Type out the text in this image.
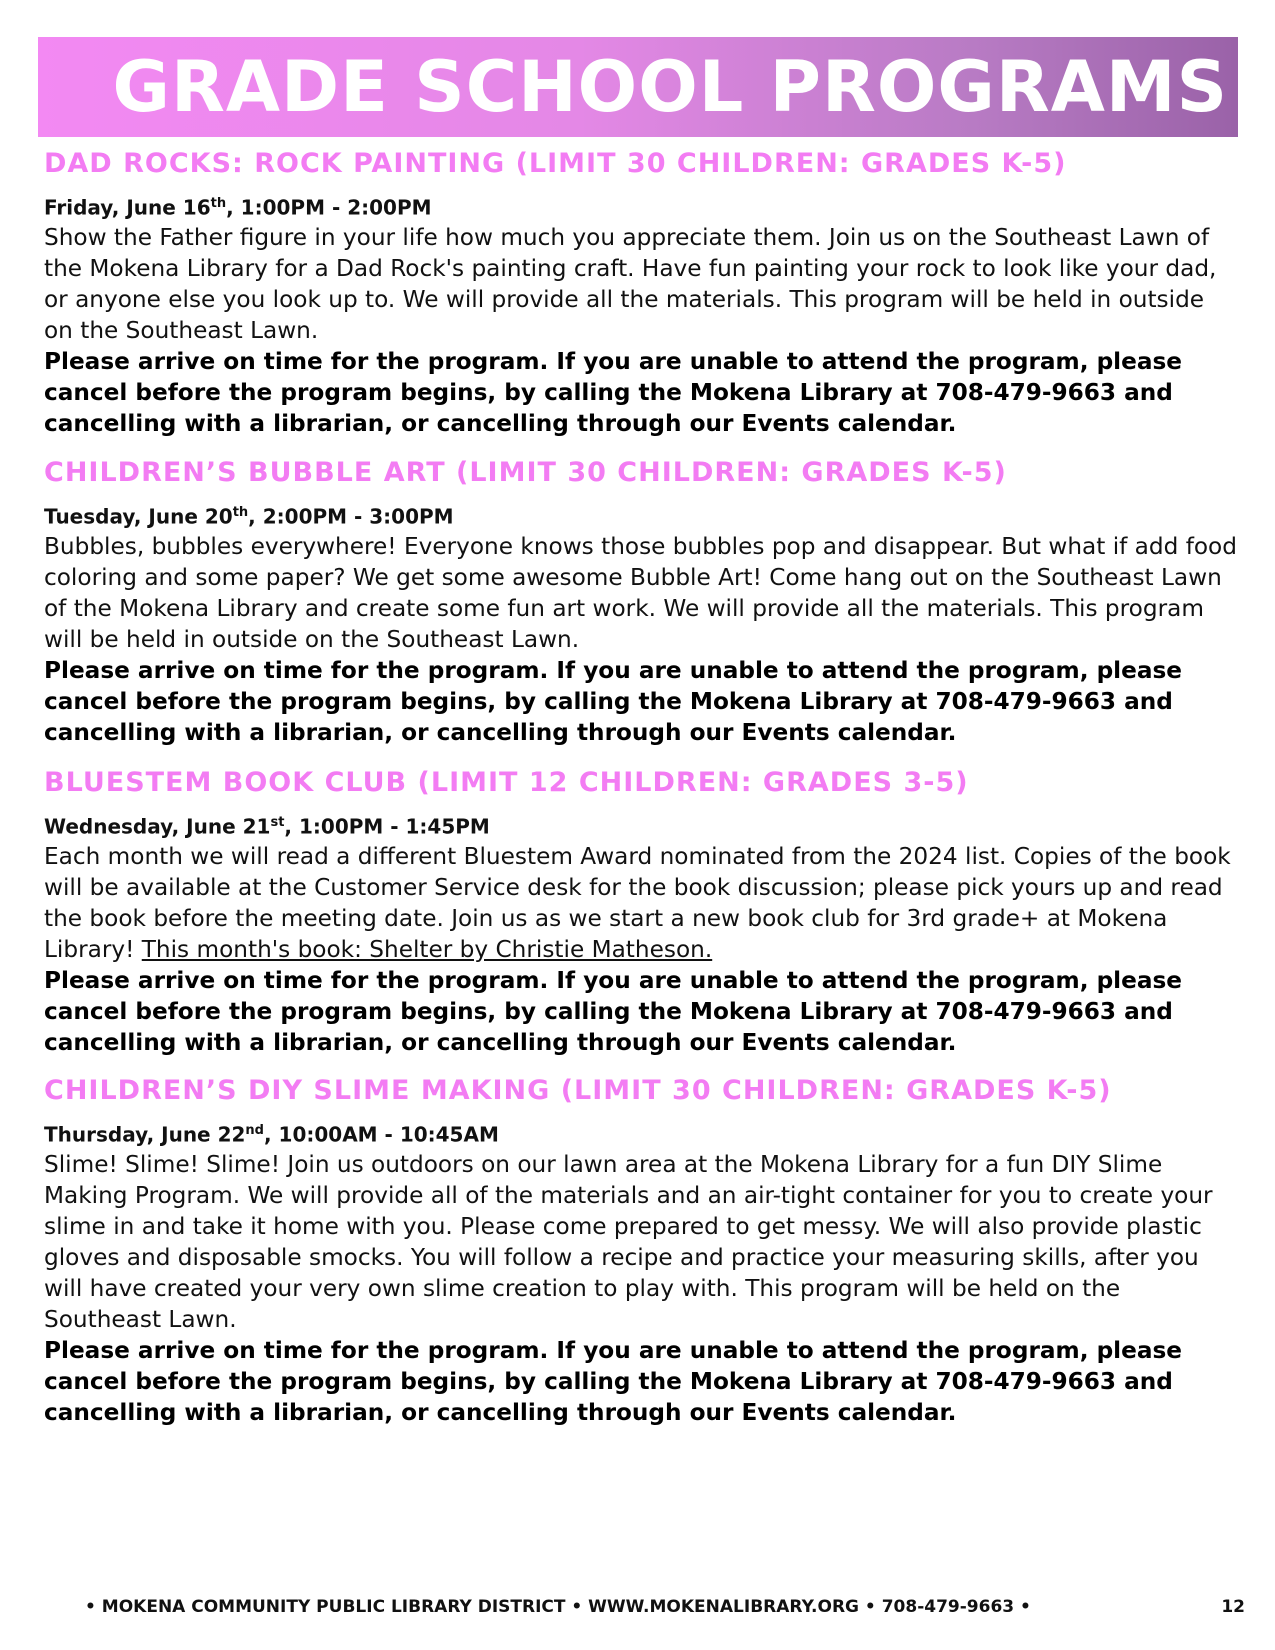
GRADE SCHOOL PROGRAMS
DAD ROCKS: ROCK PAINTING (LIMIT 30 CHILDREN: GRADES K-5)
Friday, June 16th, 1:00PM - 2:00PM

Show the Father figure in your life how much you appreciate them. Join us on the Southeast Lawn of the Mokena Library for a Dad Rock's painting craft. Have fun painting your rock to look like your dad, or anyone else you look up to. We will provide all the materials. This program will be held in outside on the Southeast Lawn.

Please arrive on time for the program. If you are unable to attend the program, please cancel before the program begins, by calling the Mokena Library at 708-479-9663 and cancelling with a librarian, or cancelling through our Events calendar.

CHILDREN’S BUBBLE ART (LIMIT 30 CHILDREN: GRADES K-5)
Tuesday, June 20th, 2:00PM - 3:00PM

Bubbles, bubbles everywhere! Everyone knows those bubbles pop and disappear. But what if add food coloring and some paper? We get some awesome Bubble Art! Come hang out on the Southeast Lawn of the Mokena Library and create some fun art work. We will provide all the materials. This program will be held in outside on the Southeast Lawn.

Please arrive on time for the program. If you are unable to attend the program, please cancel before the program begins, by calling the Mokena Library at 708-479-9663 and cancelling with a librarian, or cancelling through our Events calendar.

BLUESTEM BOOK CLUB (LIMIT 12 CHILDREN: GRADES 3-5)
Wednesday, June 21st, 1:00PM - 1:45PM

Each month we will read a different Bluestem Award nominated from the 2024 list. Copies of the book will be available at the Customer Service desk for the book discussion; please pick yours up and read the book before the meeting date. Join us as we start a new book club for 3rd grade+ at Mokena Library! This month's book: Shelter by Christie Matheson.

Please arrive on time for the program. If you are unable to attend the program, please cancel before the program begins, by calling the Mokena Library at 708-479-9663 and cancelling with a librarian, or cancelling through our Events calendar.

CHILDREN’S DIY SLIME MAKING (LIMIT 30 CHILDREN: GRADES K-5)
Thursday, June 22nd, 10:00AM - 10:45AM

Slime! Slime! Slime! Join us outdoors on our lawn area at the Mokena Library for a fun DIY Slime Making Program. We will provide all of the materials and an air-tight container for you to create your slime in and take it home with you. Please come prepared to get messy. We will also provide plastic gloves and disposable smocks. You will follow a recipe and practice your measuring skills, after you will have created your very own slime creation to play with. This program will be held on the Southeast Lawn.

Please arrive on time for the program. If you are unable to attend the program, please cancel before the program begins, by calling the Mokena Library at 708-479-9663 and cancelling with a librarian, or cancelling through our Events calendar.

• MOKENA COMMUNITY PUBLIC LIBRARY DISTRICT • WWW.MOKENALIBRARY.ORG • 708-479-9663 •	12
